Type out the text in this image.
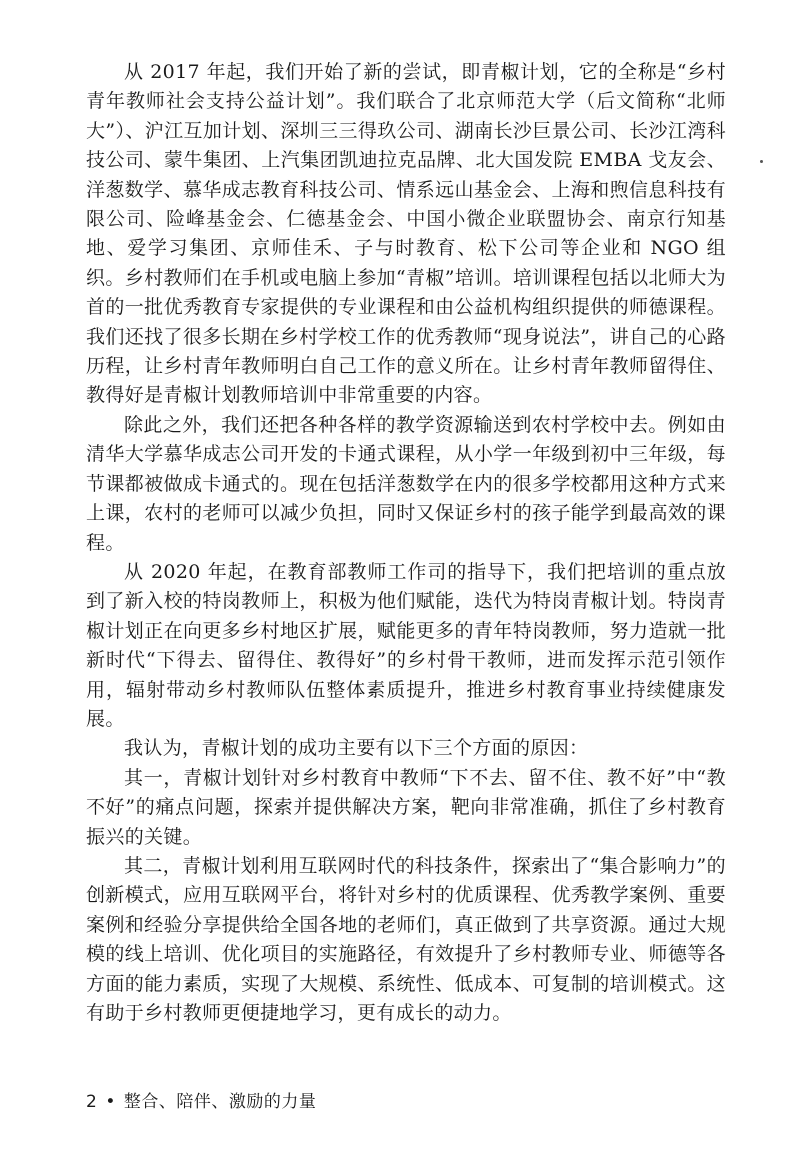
从 2017 年起，我们开始了新的尝试，即青椒计划，它的全称是“乡村青年教师社会支持公益计划”。我们联合了北京师范大学（后文简称“北师大”）、沪江互加计划、深圳三三得玖公司、湖南长沙巨景公司、长沙江湾科技公司、蒙牛集团、上汽集团凯迪拉克品牌、北大国发院 EMBA 戈友会、洋葱数学、慕华成志教育科技公司、情系远山基金会、上海和煦信息科技有限公司、险峰基金会、仁德基金会、中国小微企业联盟协会、南京行知基地、爱学习集团、京师佳禾、子与时教育、松下公司等企业和 NGO 组织。乡村教师们在手机或电脑上参加“青椒”培训。培训课程包括以北师大为首的一批优秀教育专家提供的专业课程和由公益机构组织提供的师德课程。我们还找了很多长期在乡村学校工作的优秀教师“现身说法”，讲自己的心路历程，让乡村青年教师明白自己工作的意义所在。让乡村青年教师留得住、教得好是青椒计划教师培训中非常重要的内容。

除此之外，我们还把各种各样的教学资源输送到农村学校中去。例如由清华大学慕华成志公司开发的卡通式课程，从小学一年级到初中三年级，每节课都被做成卡通式的。现在包括洋葱数学在内的很多学校都用这种方式来上课，农村的老师可以减少负担，同时又保证乡村的孩子能学到最高效的课程。

从 2020 年起，在教育部教师工作司的指导下，我们把培训的重点放到了新入校的特岗教师上，积极为他们赋能，迭代为特岗青椒计划。特岗青椒计划正在向更多乡村地区扩展，赋能更多的青年特岗教师，努力造就一批新时代“下得去、留得住、教得好”的乡村骨干教师，进而发挥示范引领作用，辐射带动乡村教师队伍整体素质提升，推进乡村教育事业持续健康发展。

我认为，青椒计划的成功主要有以下三个方面的原因：

其一，青椒计划针对乡村教育中教师“下不去、留不住、教不好”中“教不好”的痛点问题，探索并提供解决方案，靶向非常准确，抓住了乡村教育振兴的关键。

其二，青椒计划利用互联网时代的科技条件，探索出了“集合影响力”的创新模式，应用互联网平台，将针对乡村的优质课程、优秀教学案例、重要案例和经验分享提供给全国各地的老师们，真正做到了共享资源。通过大规模的线上培训、优化项目的实施路径，有效提升了乡村教师专业、师德等各方面的能力素质，实现了大规模、系统性、低成本、可复制的培训模式。这有助于乡村教师更便捷地学习，更有成长的动力。

2 • 整合、陪伴、激励的力量
